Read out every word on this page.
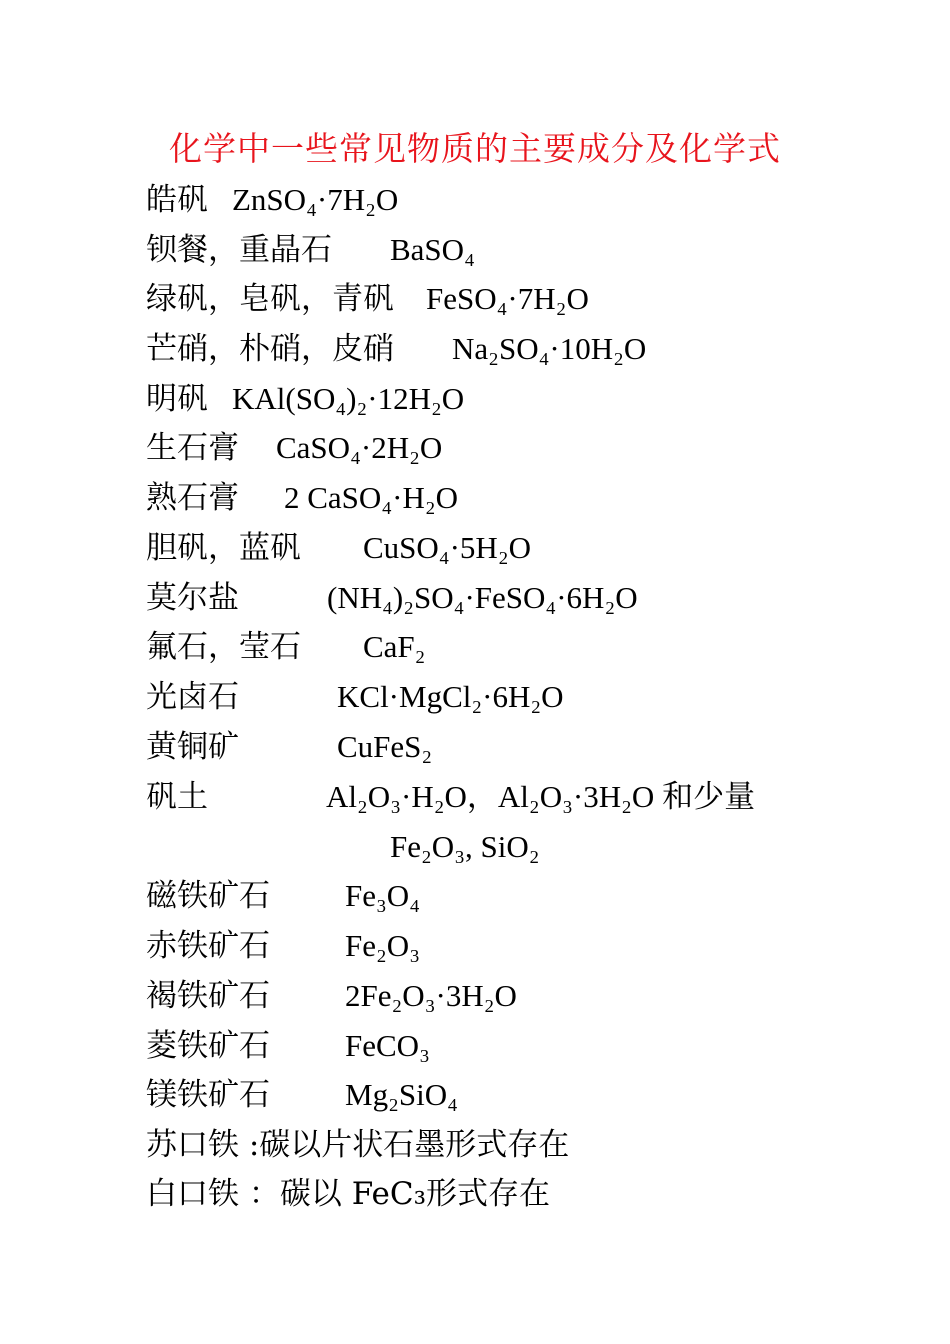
化学中一些常见物质的主要成分及化学式
皓矾 ZnSO₄·7H₂O
钡餐，重晶石 BaSO₄
绿矾，皂矾，青矾 FeSO₄·7H₂O
芒硝，朴硝，皮硝 Na₂SO₄·10H₂O
明矾 KAl(SO₄)₂·12H₂O
生石膏 CaSO₄·2H₂O
熟石膏 2 CaSO₄·H₂O
胆矾，蓝矾 CuSO₄·5H₂O
莫尔盐	(NH₄)₂SO₄·FeSO₄·6H₂O
氟石，莹石 CaF₂
光卤石	KCl·MgCl₂·6H₂O
黄铜矿	CuFeS₂
矾土	Al₂O₃·H₂O，Al₂O₃·3H₂O 和少量
Fe₂O₃, SiO₂
磁铁矿石 Fe₃O₄
赤铁矿石 Fe₂O₃
褐铁矿石 2Fe₂O₃·3H₂O
菱铁矿石 FeCO₃
镁铁矿石 Mg₂SiO₄
苏口铁 :碳以片状石墨形式存在
白口铁 ：碳以 FeC₃形式存在
